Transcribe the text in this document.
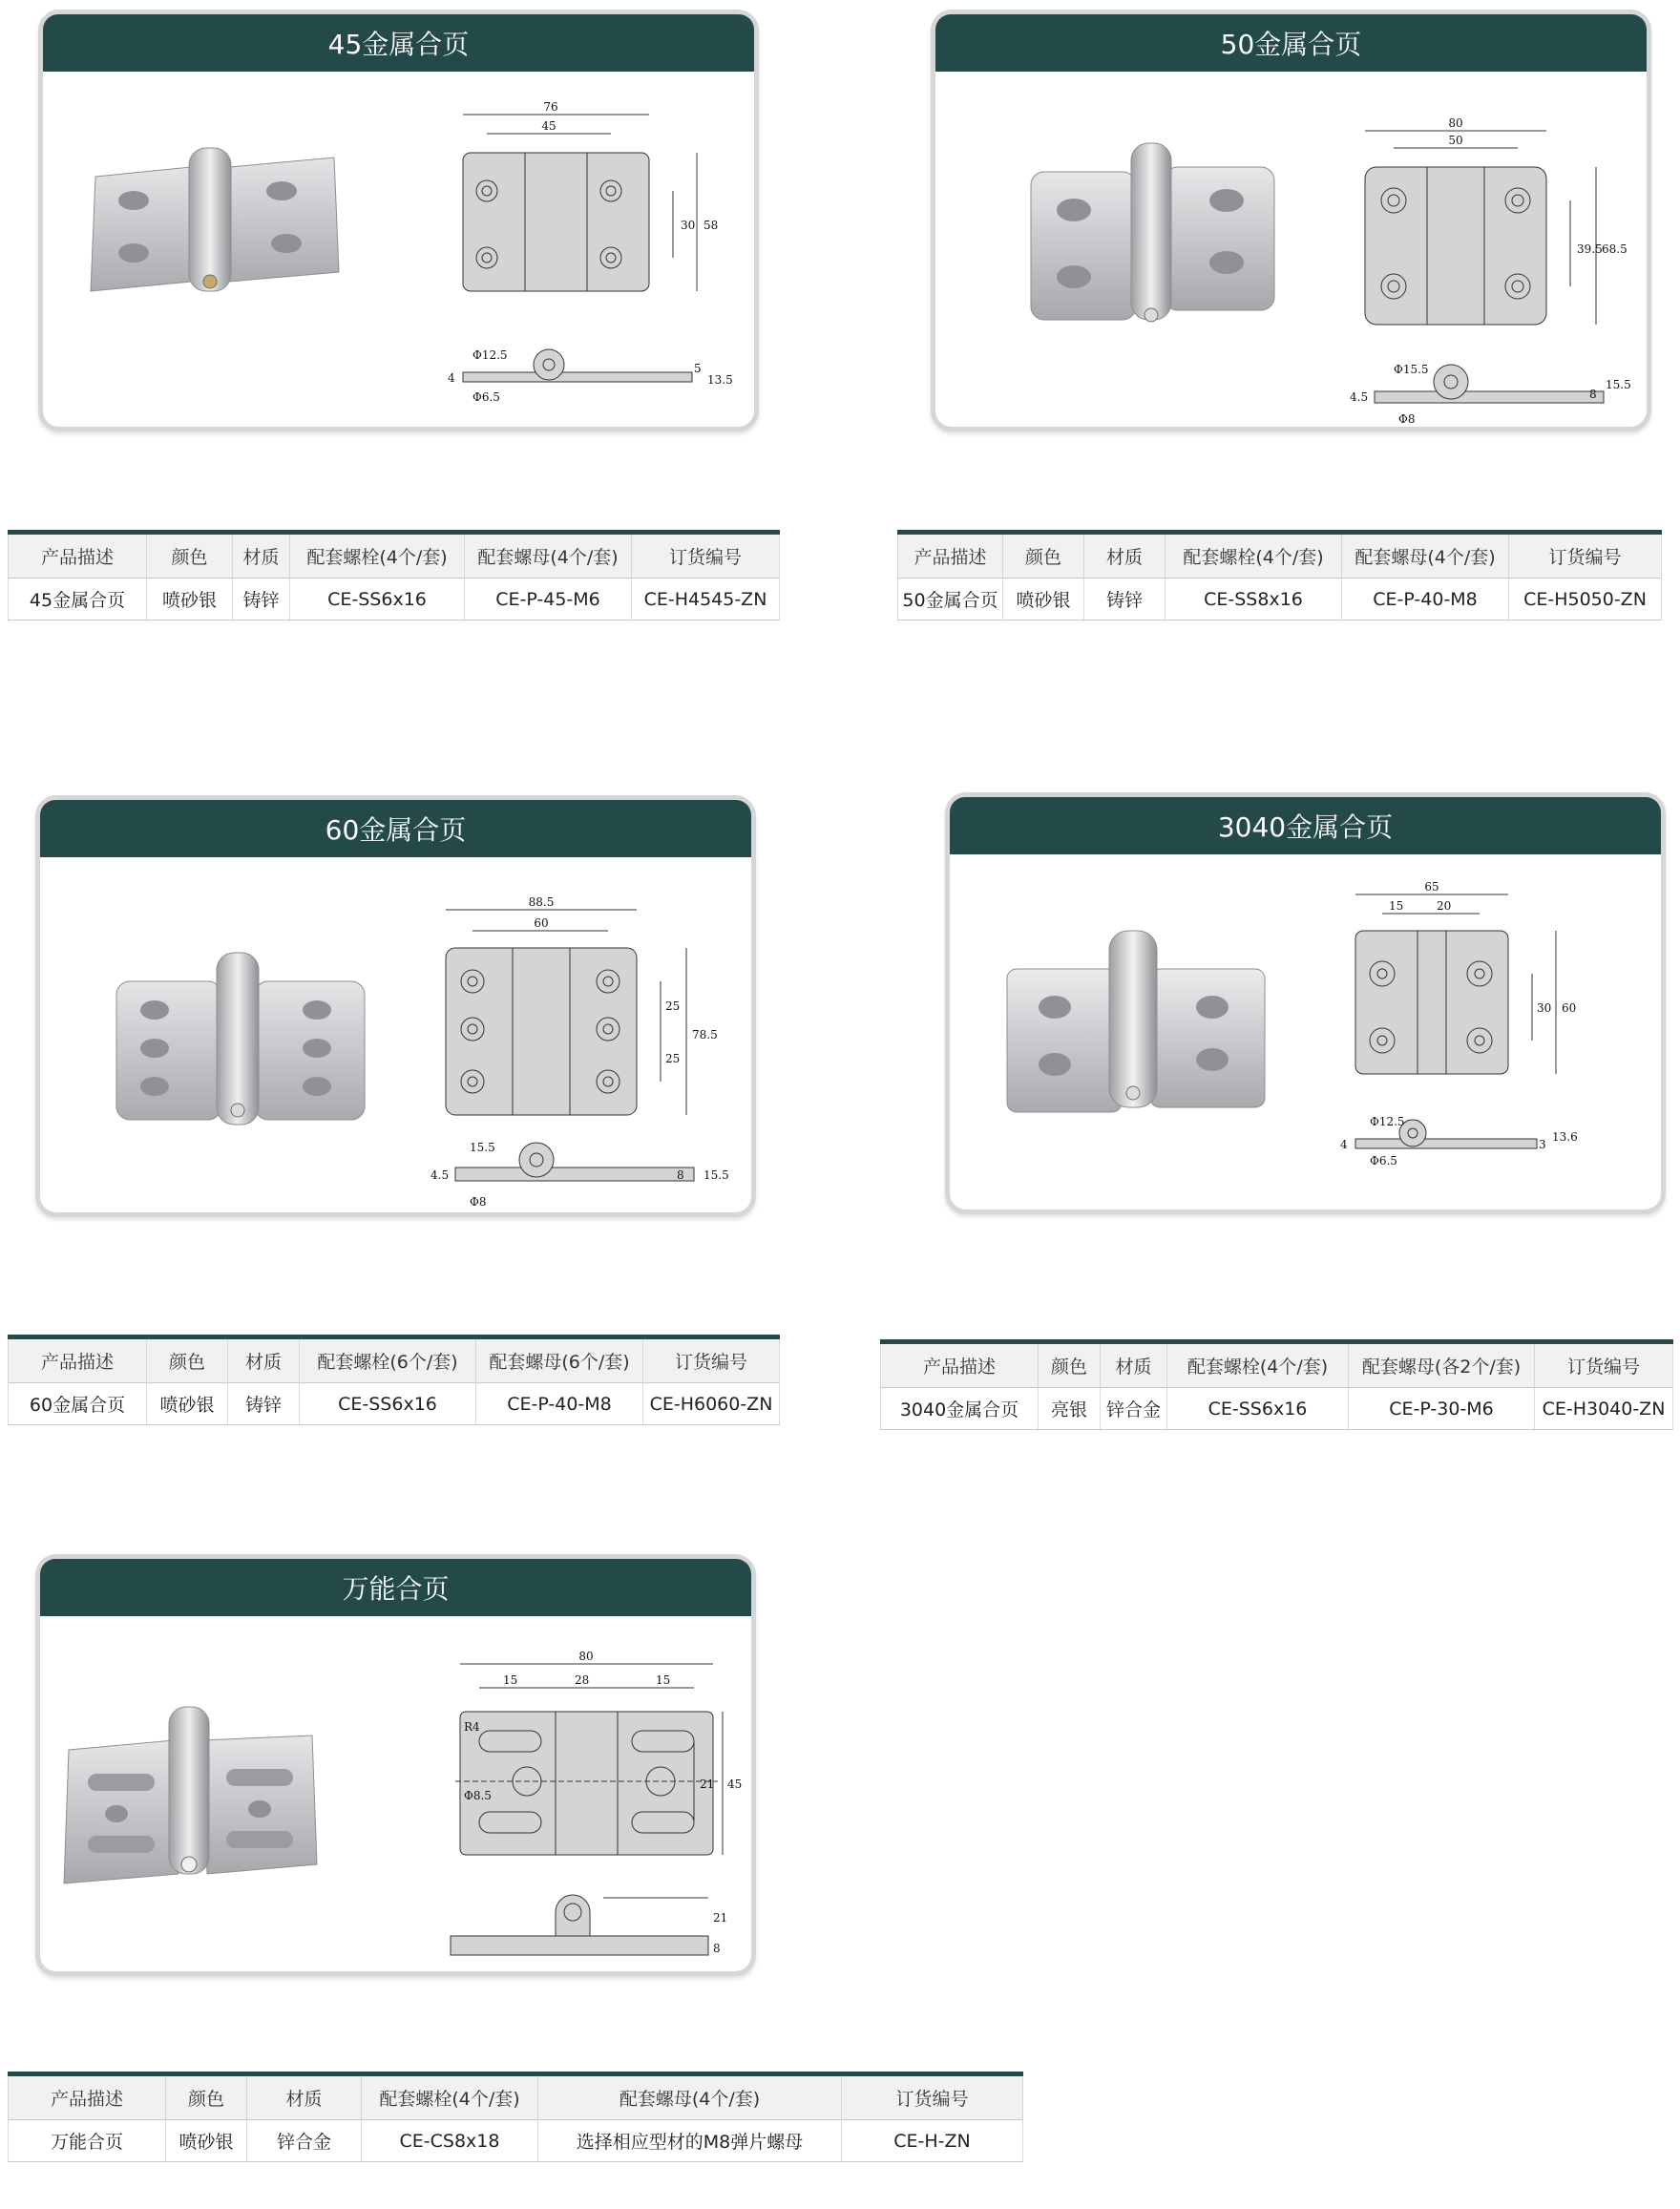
45金属合页
76
45
30 58
Φ12.5
Φ6.5
4
5
13.5
产品描述	颜色	材质	配套螺栓(4个/套)	配套螺母(4个/套)	订货编号
45金属合页	喷砂银	铸锌	CE-SS6x16	CE-P-45-M6	CE-H4545-ZN
50金属合页
80
50
39.5 68.5
Φ15.5
Φ8
4.5	8
15.5
产品描述	颜色	材质	配套螺栓(4个/套)	配套螺母(4个/套)	订货编号
50金属合页	喷砂银	铸锌	CE-SS8x16	CE-P-40-M8	CE-H5050-ZN
60金属合页
88.5
60
25
25
78.5
15.5
Φ8
4.5	8 15.5
产品描述	颜色	材质	配套螺栓(6个/套)	配套螺母(6个/套)	订货编号
60金属合页	喷砂银	铸锌	CE-SS6x16	CE-P-40-M8	CE-H6060-ZN
3040金属合页
65
15	20
30 60
Φ12.5
Φ6.5
4	3
13.6
产品描述	颜色	材质	配套螺栓(4个/套)	配套螺母(各2个/套)	订货编号
3040金属合页	亮银	锌合金	CE-SS6x16	CE-P-30-M6	CE-H3040-ZN
万能合页
80
15	28	15
R4
Φ8.5
21 45
21
8
产品描述	颜色	材质	配套螺栓(4个/套)	配套螺母(4个/套)	订货编号
万能合页	喷砂银	锌合金	CE-CS8x18	选择相应型材的M8弹片螺母	CE-H-ZN
